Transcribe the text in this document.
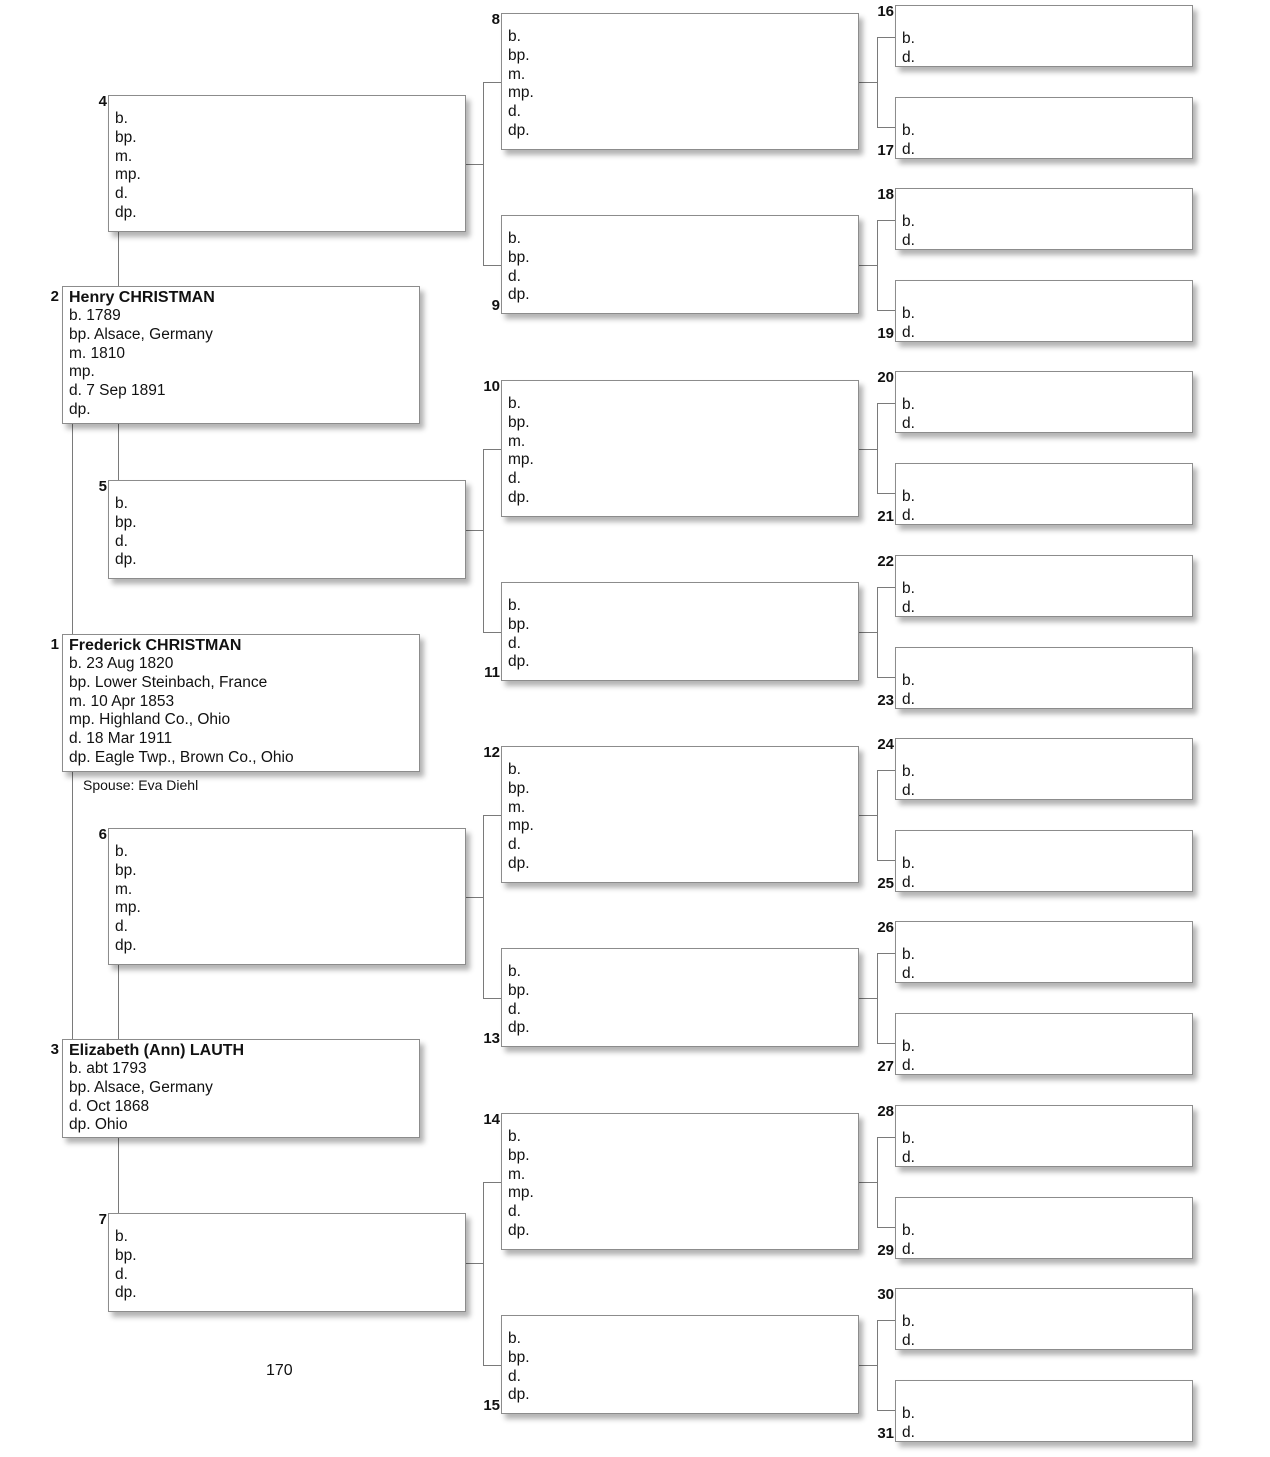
Spouse: Eva Diehl
170
1 Frederick CHRISTMAN
b. 23 Aug 1820
bp. Lower Steinbach, France
m. 10 Apr 1853
mp. Highland Co., Ohio
d. 18 Mar 1911
dp. Eagle Twp., Brown Co., Ohio
2 Henry CHRISTMAN
b. 1789
bp. Alsace, Germany
m. 1810
mp.
d. 7 Sep 1891
dp.
3 Elizabeth (Ann) LAUTH
b. abt 1793
bp. Alsace, Germany
d. Oct 1868
dp. Ohio
4
b.
bp.
m.
mp.
d.
dp.
5
b.
bp.
d.
dp.
6
b.
bp.
m.
mp.
d.
dp.
7
b.
bp.
d.
dp.
8
b.
bp.
m.
mp.
d.
dp.
9
b.
bp.
d.
dp.
10
b.
bp.
m.
mp.
d.
dp.
11
b.
bp.
d.
dp.
12
b.
bp.
m.
mp.
d.
dp.
13
b.
bp.
d.
dp.
14
b.
bp.
m.
mp.
d.
dp.
15
b.
bp.
d.
dp.
16
b.
d.
17
b.
d.
18
b.
d.
19
b.
d.
20
b.
d.
21
b.
d.
22
b.
d.
23
b.
d.
24
b.
d.
25
b.
d.
26
b.
d.
27
b.
d.
28
b.
d.
29
b.
d.
30
b.
d.
31
b.
d.
